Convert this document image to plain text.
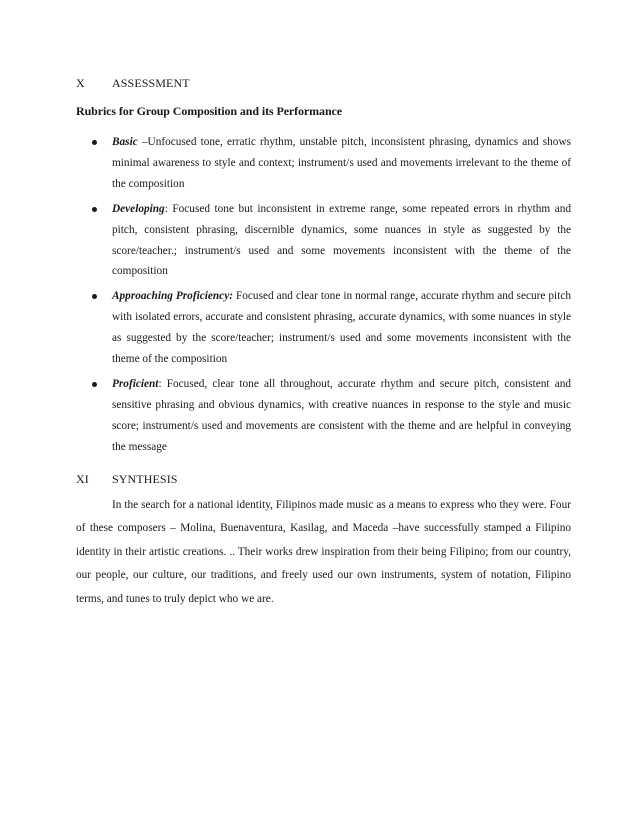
X ASSESSMENT
Rubrics for Group Composition and its Performance
Basic –Unfocused tone, erratic rhythm, unstable pitch, inconsistent phrasing, dynamics and shows minimal awareness to style and context; instrument/s used and movements irrelevant to the theme of the composition
Developing: Focused tone but inconsistent in extreme range, some repeated errors in rhythm and pitch, consistent phrasing, discernible dynamics, some nuances in style as suggested by the score/teacher.; instrument/s used and some movements inconsistent with the theme of the composition
Approaching Proficiency: Focused and clear tone in normal range, accurate rhythm and secure pitch with isolated errors, accurate and consistent phrasing, accurate dynamics, with some nuances in style as suggested by the score/teacher; instrument/s used and some movements inconsistent with the theme of the composition
Proficient: Focused, clear tone all throughout, accurate rhythm and secure pitch, consistent and sensitive phrasing and obvious dynamics, with creative nuances in response to the style and music score; instrument/s used and movements are consistent with the theme and are helpful in conveying the message
XI SYNTHESIS

In the search for a national identity, Filipinos made music as a means to express who they were. Four of these composers – Molina, Buenaventura, Kasilag, and Maceda –have successfully stamped a Filipino identity in their artistic creations. .. Their works drew inspiration from their being Filipino; from our country, our people, our culture, our traditions, and freely used our own instruments, system of notation, Filipino terms, and tunes to truly depict who we are.
